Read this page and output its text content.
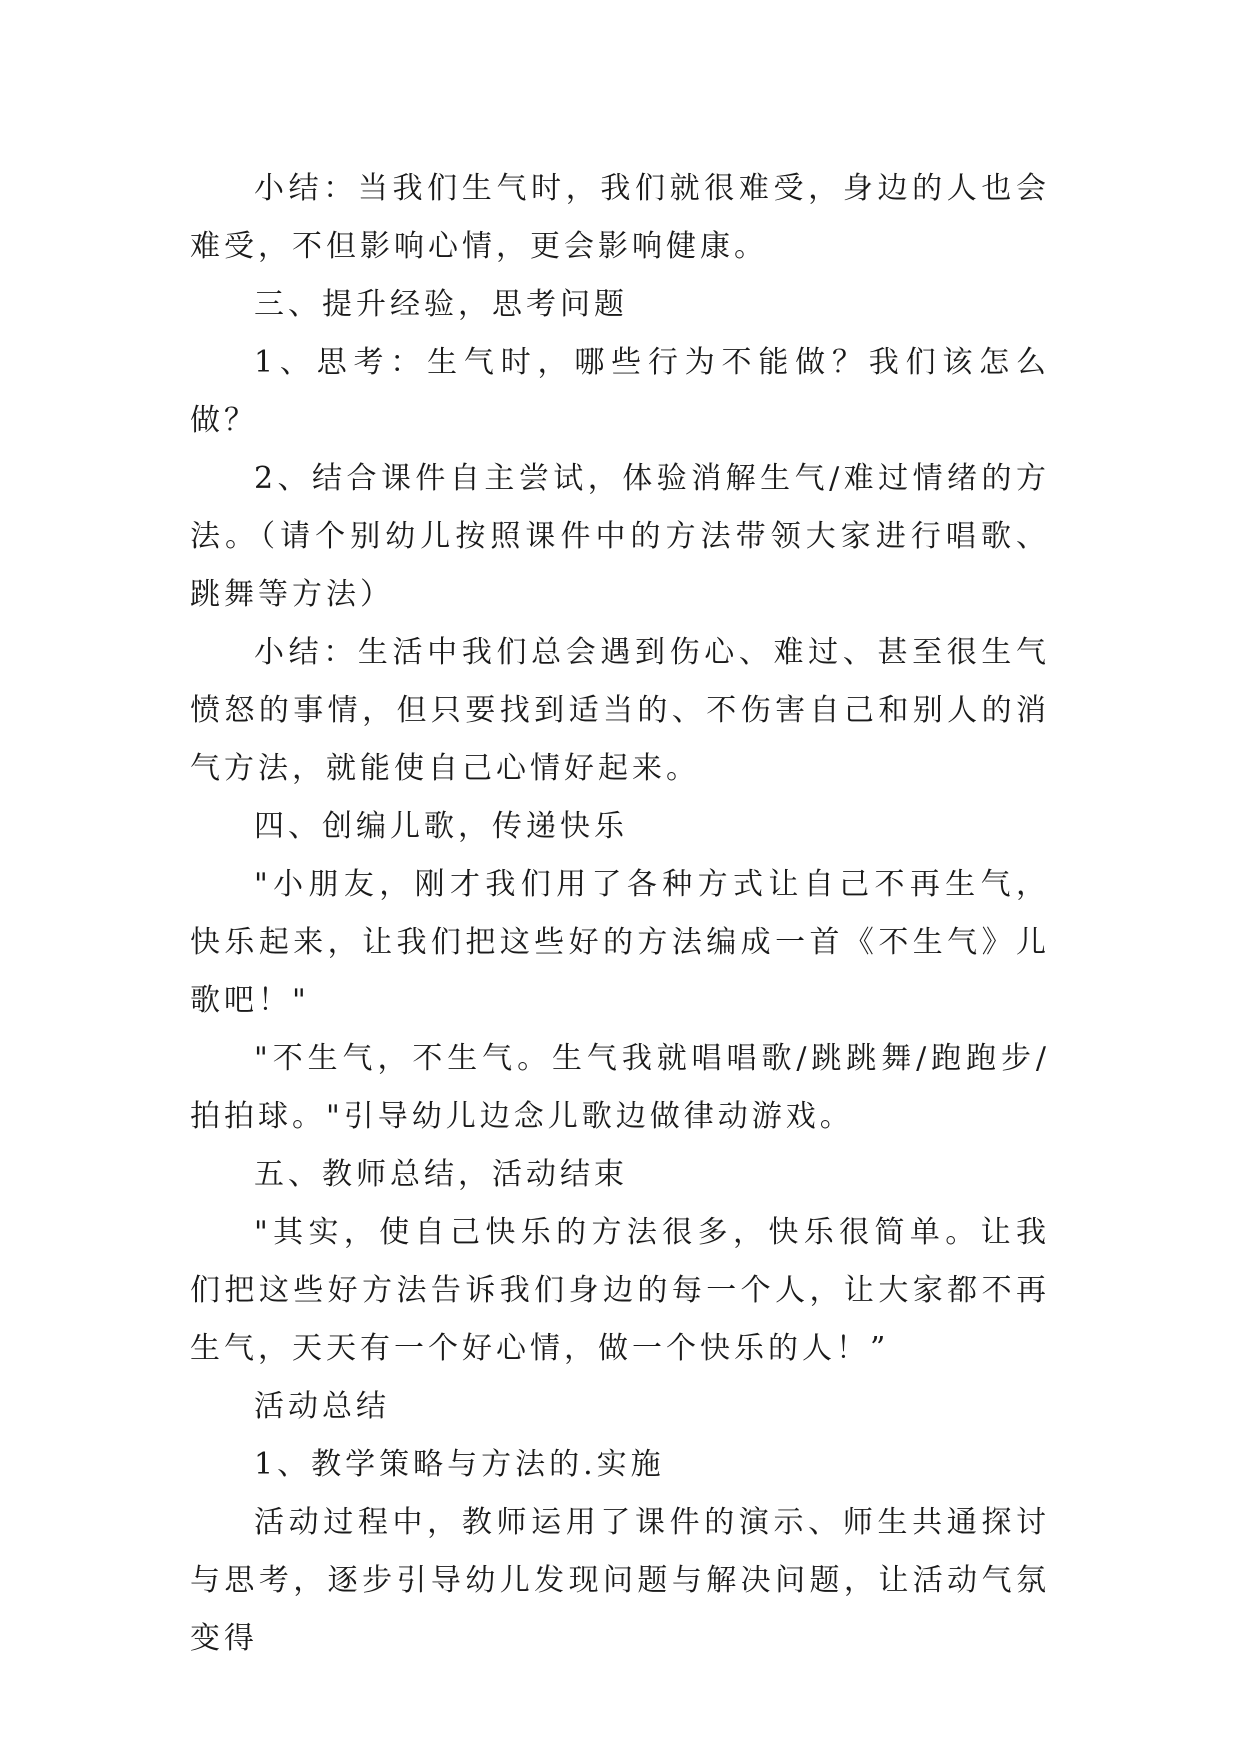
小结：当我们生气时，我们就很难受，身边的人也会难受，不但影响心情，更会影响健康。

三、提升经验，思考问题

1、思考：生气时，哪些行为不能做？我们该怎么做？

2、结合课件自主尝试，体验消解生气/难过情绪的方法。（请个别幼儿按照课件中的方法带领大家进行唱歌、跳舞等方法）

小结：生活中我们总会遇到伤心、难过、甚至很生气愤怒的事情，但只要找到适当的、不伤害自己和别人的消气方法，就能使自己心情好起来。

四、创编儿歌，传递快乐

"小朋友，刚才我们用了各种方式让自己不再生气，快乐起来，让我们把这些好的方法编成一首《不生气》儿歌吧！"

"不生气，不生气。生气我就唱唱歌/跳跳舞/跑跑步/拍拍球。"引导幼儿边念儿歌边做律动游戏。

五、教师总结，活动结束

"其实，使自己快乐的方法很多，快乐很简单。让我们把这些好方法告诉我们身边的每一个人，让大家都不再生气，天天有一个好心情，做一个快乐的人！”

活动总结

1、教学策略与方法的.实施

活动过程中，教师运用了课件的演示、师生共通探讨与思考，逐步引导幼儿发现问题与解决问题，让活动气氛变得
